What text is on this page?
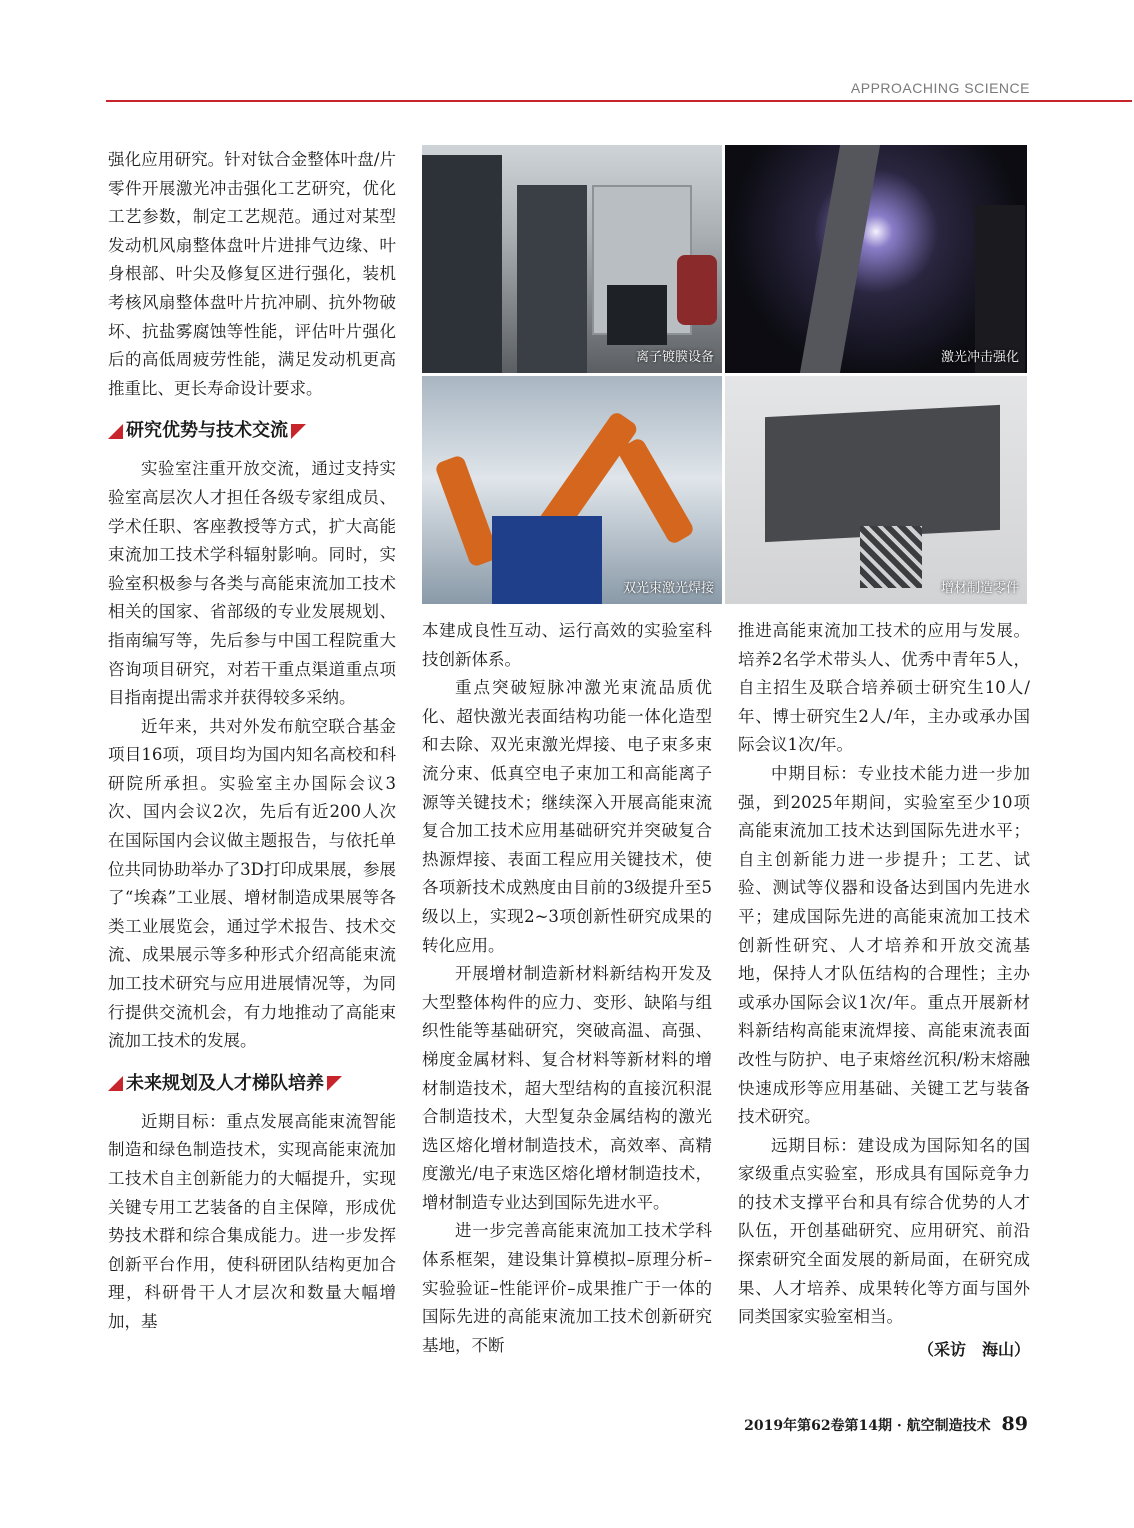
APPROACHING SCIENCE
离子镀膜设备	激光冲击强化
双光束激光焊接	增材制造零件

强化应用研究。针对钛合金整体叶盘/片零件开展激光冲击强化工艺研究，优化工艺参数，制定工艺规范。通过对某型发动机风扇整体盘叶片进排气边缘、叶身根部、叶尖及修复区进行强化，装机考核风扇整体盘叶片抗冲刷、抗外物破坏、抗盐雾腐蚀等性能，评估叶片强化后的高低周疲劳性能，满足发动机更高推重比、更长寿命设计要求。

研究优势与技术交流

实验室注重开放交流，通过支持实验室高层次人才担任各级专家组成员、学术任职、客座教授等方式，扩大高能束流加工技术学科辐射影响。同时，实验室积极参与各类与高能束流加工技术相关的国家、省部级的专业发展规划、指南编写等，先后参与中国工程院重大咨询项目研究，对若干重点渠道重点项目指南提出需求并获得较多采纳。

近年来，共对外发布航空联合基金项目16项，项目均为国内知名高校和科研院所承担。实验室主办国际会议3次、国内会议2次，先后有近200人次在国际国内会议做主题报告，与依托单位共同协助举办了3D打印成果展，参展了“埃森”工业展、增材制造成果展等各类工业展览会，通过学术报告、技术交流、成果展示等多种形式介绍高能束流加工技术研究与应用进展情况等，为同行提供交流机会，有力地推动了高能束流加工技术的发展。

未来规划及人才梯队培养

近期目标：重点发展高能束流智能制造和绿色制造技术，实现高能束流加工技术自主创新能力的大幅提升，实现关键专用工艺装备的自主保障，形成优势技术群和综合集成能力。进一步发挥创新平台作用，使科研团队结构更加合理，科研骨干人才层次和数量大幅增加，基

本建成良性互动、运行高效的实验室科技创新体系。

重点突破短脉冲激光束流品质优化、超快激光表面结构功能一体化造型和去除、双光束激光焊接、电子束多束流分束、低真空电子束加工和高能离子源等关键技术；继续深入开展高能束流复合加工技术应用基础研究并突破复合热源焊接、表面工程应用关键技术，使各项新技术成熟度由目前的3级提升至5级以上，实现2~3项创新性研究成果的转化应用。

开展增材制造新材料新结构开发及大型整体构件的应力、变形、缺陷与组织性能等基础研究，突破高温、高强、梯度金属材料、复合材料等新材料的增材制造技术，超大型结构的直接沉积混合制造技术，大型复杂金属结构的激光选区熔化增材制造技术，高效率、高精度激光/电子束选区熔化增材制造技术，增材制造专业达到国际先进水平。

进一步完善高能束流加工技术学科体系框架，建设集计算模拟–原理分析–实验验证–性能评价–成果推广于一体的国际先进的高能束流加工技术创新研究基地，不断

推进高能束流加工技术的应用与发展。培养2名学术带头人、优秀中青年5人，自主招生及联合培养硕士研究生10人/年、博士研究生2人/年，主办或承办国际会议1次/年。

中期目标：专业技术能力进一步加强，到2025年期间，实验室至少10项高能束流加工技术达到国际先进水平；自主创新能力进一步提升；工艺、试验、测试等仪器和设备达到国内先进水平；建成国际先进的高能束流加工技术创新性研究、人才培养和开放交流基地，保持人才队伍结构的合理性；主办或承办国际会议1次/年。重点开展新材料新结构高能束流焊接、高能束流表面改性与防护、电子束熔丝沉积/粉末熔融快速成形等应用基础、关键工艺与装备技术研究。

远期目标：建设成为国际知名的国家级重点实验室，形成具有国际竞争力的技术支撑平台和具有综合优势的人才队伍，开创基础研究、应用研究、前沿探索研究全面发展的新局面，在研究成果、人才培养、成果转化等方面与国外同类国家实验室相当。

（采访　海山）
2019年第62卷第14期 · 航空制造技术 89
